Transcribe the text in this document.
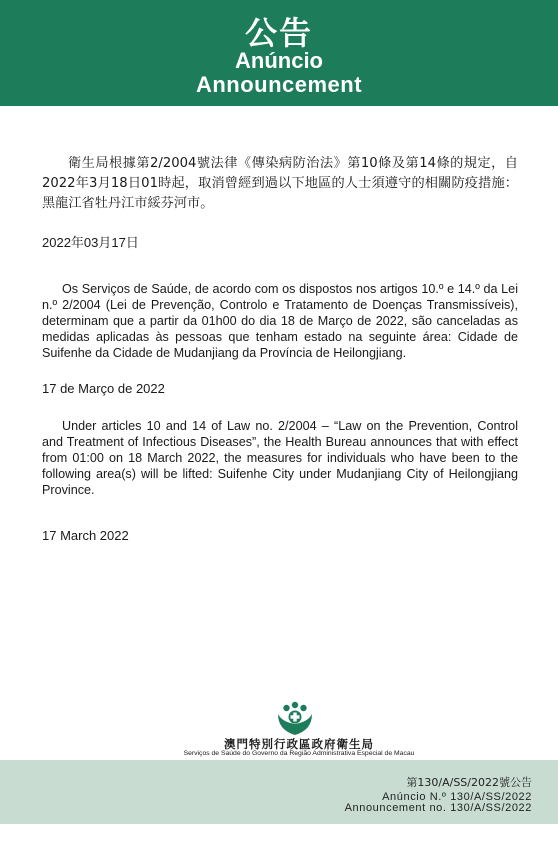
公告
Anúncio
Announcement

衛生局根據第2/2004號法律《傳染病防治法》第10條及第14條的規定，自2022年3月18日01時起，取消曾經到過以下地區的人士須遵守的相關防疫措施：黑龍江省牡丹江市綏芬河市。

2022年03月17日

Os Serviços de Saúde, de acordo com os dispostos nos artigos 10.º e 14.º da Lei n.º 2/2004 (Lei de Prevenção, Controlo e Tratamento de Doenças Transmissíveis), determinam que a partir da 01h00 do dia 18 de Março de 2022, são canceladas as medidas aplicadas às pessoas que tenham estado na seguinte área: Cidade de Suifenhe da Cidade de Mudanjiang da Província de Heilongjiang.

17 de Março de 2022

Under articles 10 and 14 of Law no. 2/2004 – “Law on the Prevention, Control and Treatment of Infectious Diseases”, the Health Bureau announces that with effect from 01:00 on 18 March 2022, the measures for individuals who have been to the following area(s) will be lifted: Suifenhe City under Mudanjiang City of Heilongjiang Province.

17 March 2022

澳門特別行政區政府衛生局
Serviços de Saúde do Governo da Região Administrativa Especial de Macau
第130/A/SS/2022號公告
Anúncio N.º 130/A/SS/2022
Announcement no. 130/A/SS/2022
